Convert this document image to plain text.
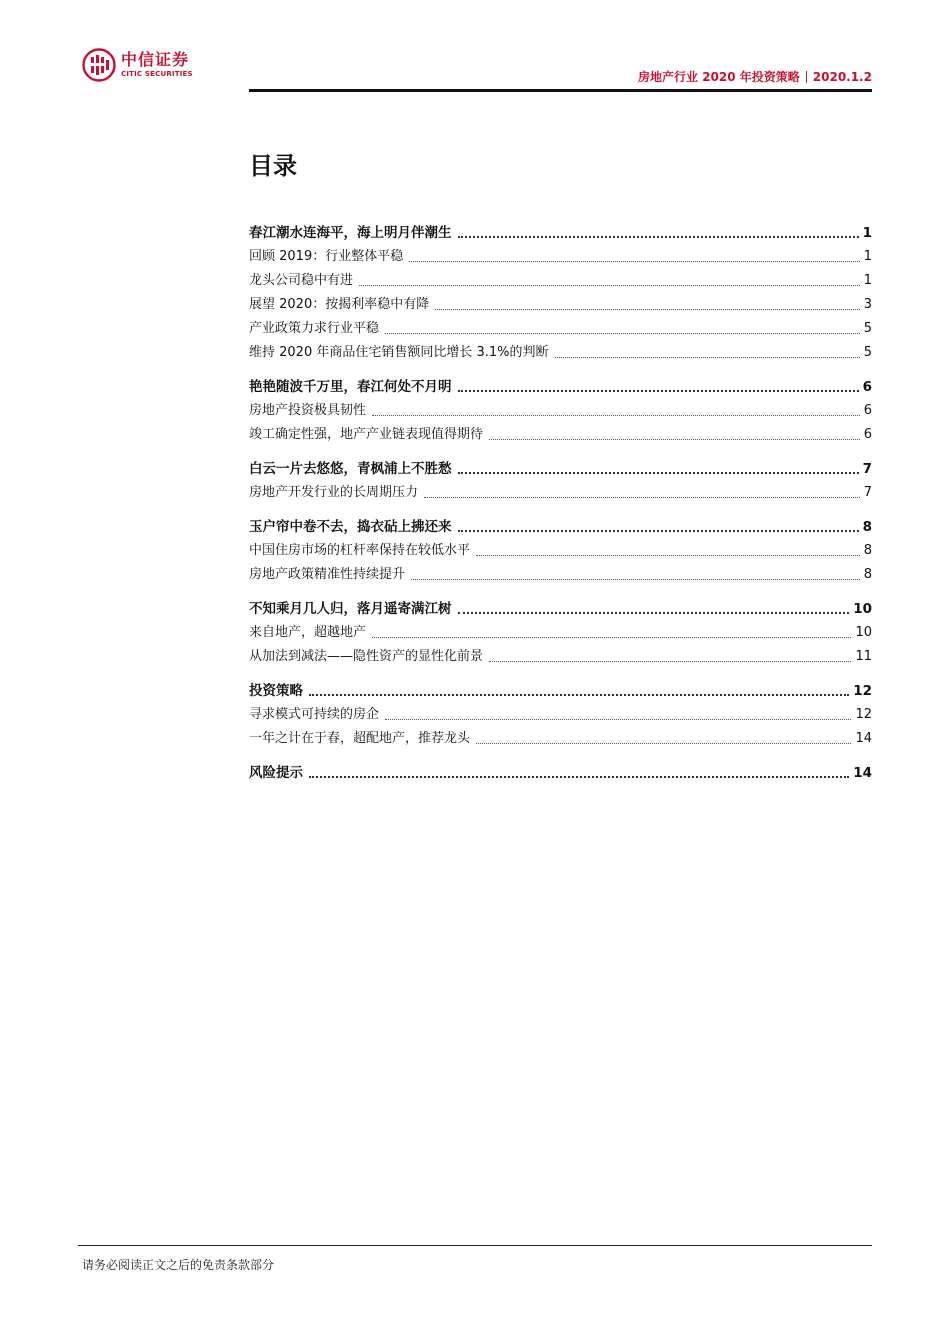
中信证券
CITIC SECURITIES	房地产行业 2020 年投资策略 2020.1.2
目录
春江潮水连海平，海上明月伴潮生	1
回顾 2019：行业整体平稳	1
龙头公司稳中有进	1
展望 2020：按揭利率稳中有降	3
产业政策力求行业平稳	5
维持 2020 年商品住宅销售额同比增长 3.1%的判断	5
艳艳随波千万里，春江何处不月明	6
房地产投资极具韧性	6
竣工确定性强，地产产业链表现值得期待	6
白云一片去悠悠，青枫浦上不胜愁	7
房地产开发行业的长周期压力	7
玉户帘中卷不去，捣衣砧上拂还来	8
中国住房市场的杠杆率保持在较低水平	8
房地产政策精准性持续提升	8
不知乘月几人归，落月遥寄满江树	10
来自地产，超越地产	10
从加法到减法——隐性资产的显性化前景	11
投资策略	12
寻求模式可持续的房企	12
一年之计在于春，超配地产，推荐龙头	14
风险提示	14
请务必阅读正文之后的免责条款部分
